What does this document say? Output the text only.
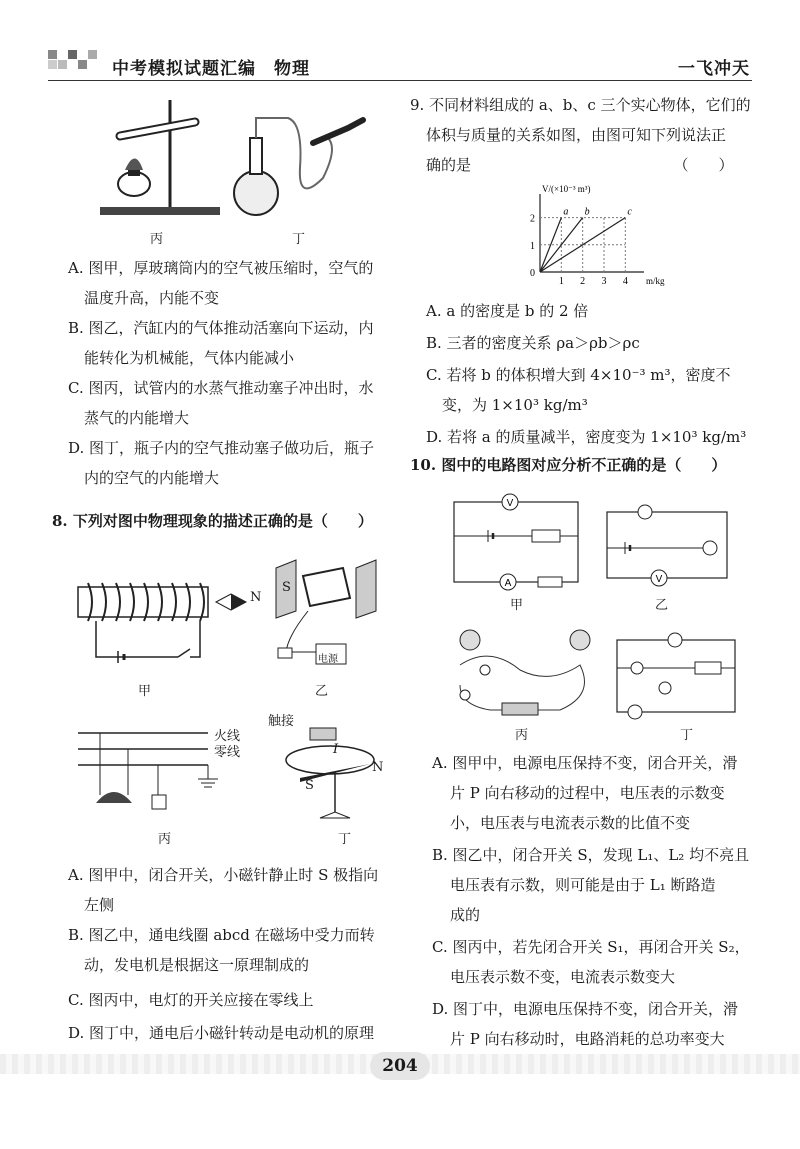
中考模拟试题汇编　物理	一飞冲天
丙	丁
A. 图甲，厚玻璃筒内的空气被压缩时，空气的
温度升高，内能不变
B. 图乙，汽缸内的气体推动活塞向下运动，内
能转化为机械能，气体内能减小
C. 图丙，试管内的水蒸气推动塞子冲出时，水
蒸气的内能增大
D. 图丁，瓶子内的空气推动塞子做功后，瓶子
内的空气的内能增大
8. 下列对图中物理现象的描述正确的是（　　）
N
甲
S
电源
乙
火线
零线
丙
触接
I
S
N
丁
A. 图甲中，闭合开关，小磁针静止时 S 极指向
左侧
B. 图乙中，通电线圈 abcd 在磁场中受力而转
动，发电机是根据这一原理制成的
C. 图丙中，电灯的开关应接在零线上
D. 图丁中，通电后小磁针转动是电动机的原理
9. 不同材料组成的 a、b、c 三个实心物体，它们的
体积与质量的关系如图，由图可知下列说法正
确的是　　　　　　　　　　　　　　（　　）
1 2 3 4
0
1
2
a b	c
V/(×10⁻³ m³)
m/kg
A. a 的密度是 b 的 2 倍
B. 三者的密度关系 ρa＞ρb＞ρc
C. 若将 b 的体积增大到 4×10⁻³ m³，密度不
变，为 1×10³ kg/m³
D. 若将 a 的质量减半，密度变为 1×10³ kg/m³
10. 图中的电路图对应分析不正确的是（　　）
V
A
甲
V
乙
丙	丁
A. 图甲中，电源电压保持不变，闭合开关，滑
片 P 向右移动的过程中，电压表的示数变
小，电压表与电流表示数的比值不变
B. 图乙中，闭合开关 S，发现 L₁、L₂ 均不亮且
电压表有示数，则可能是由于 L₁ 断路造
成的
C. 图丙中，若先闭合开关 S₁，再闭合开关 S₂，
电压表示数不变，电流表示数变大
D. 图丁中，电源电压保持不变，闭合开关，滑
片 P 向右移动时，电路消耗的总功率变大
204
